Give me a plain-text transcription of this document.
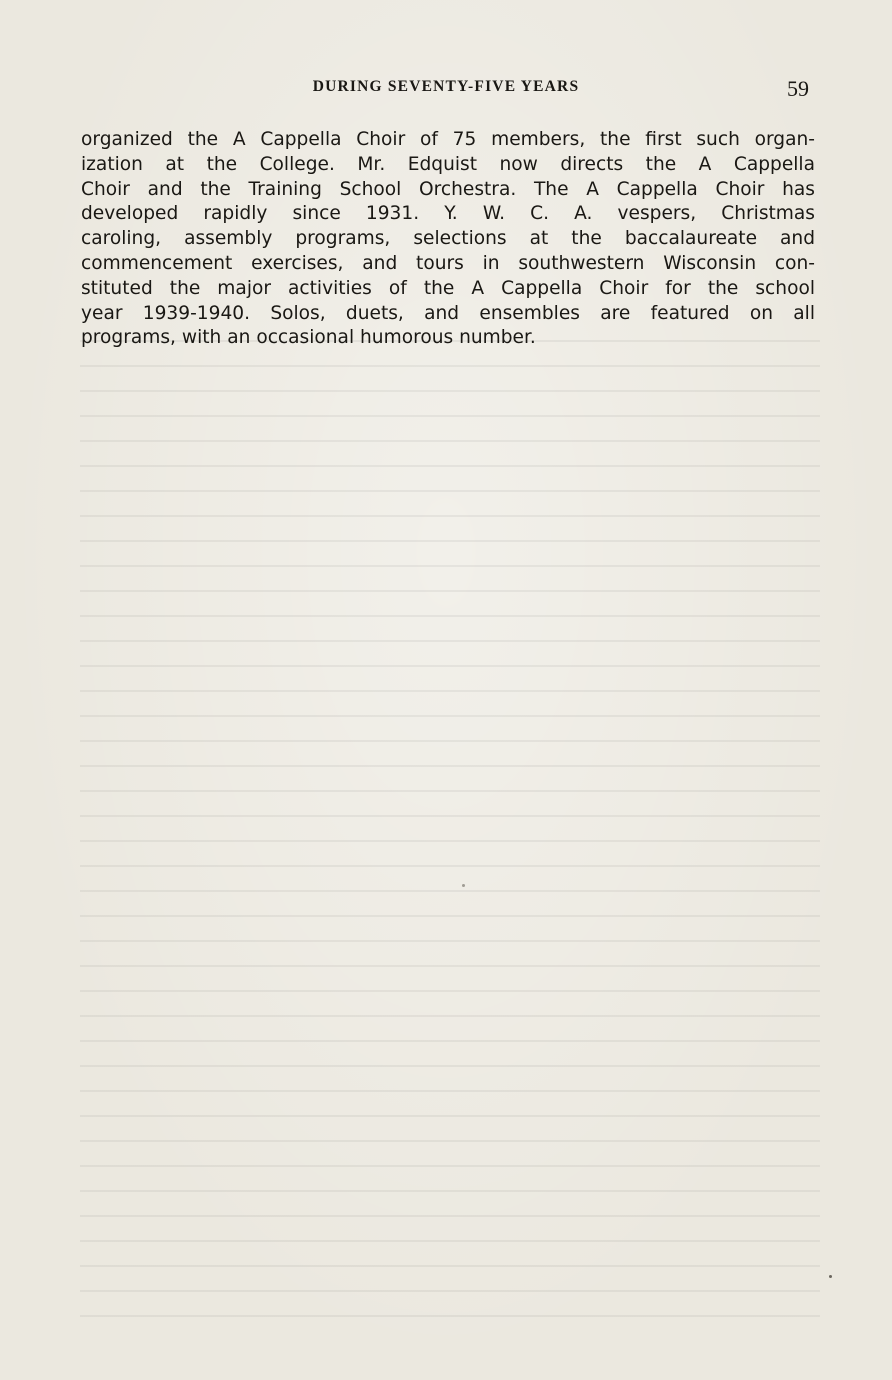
DURING SEVENTY-FIVE YEARS	59
organized the A Cappella Choir of 75 members, the first such organ-
ization at the College. Mr. Edquist now directs the A Cappella
Choir and the Training School Orchestra. The A Cappella Choir has
developed rapidly since 1931. Y. W. C. A. vespers, Christmas
caroling, assembly programs, selections at the baccalaureate and
commencement exercises, and tours in southwestern Wisconsin con-
stituted the major activities of the A Cappella Choir for the school
year 1939-1940. Solos, duets, and ensembles are featured on all
programs, with an occasional humorous number.
